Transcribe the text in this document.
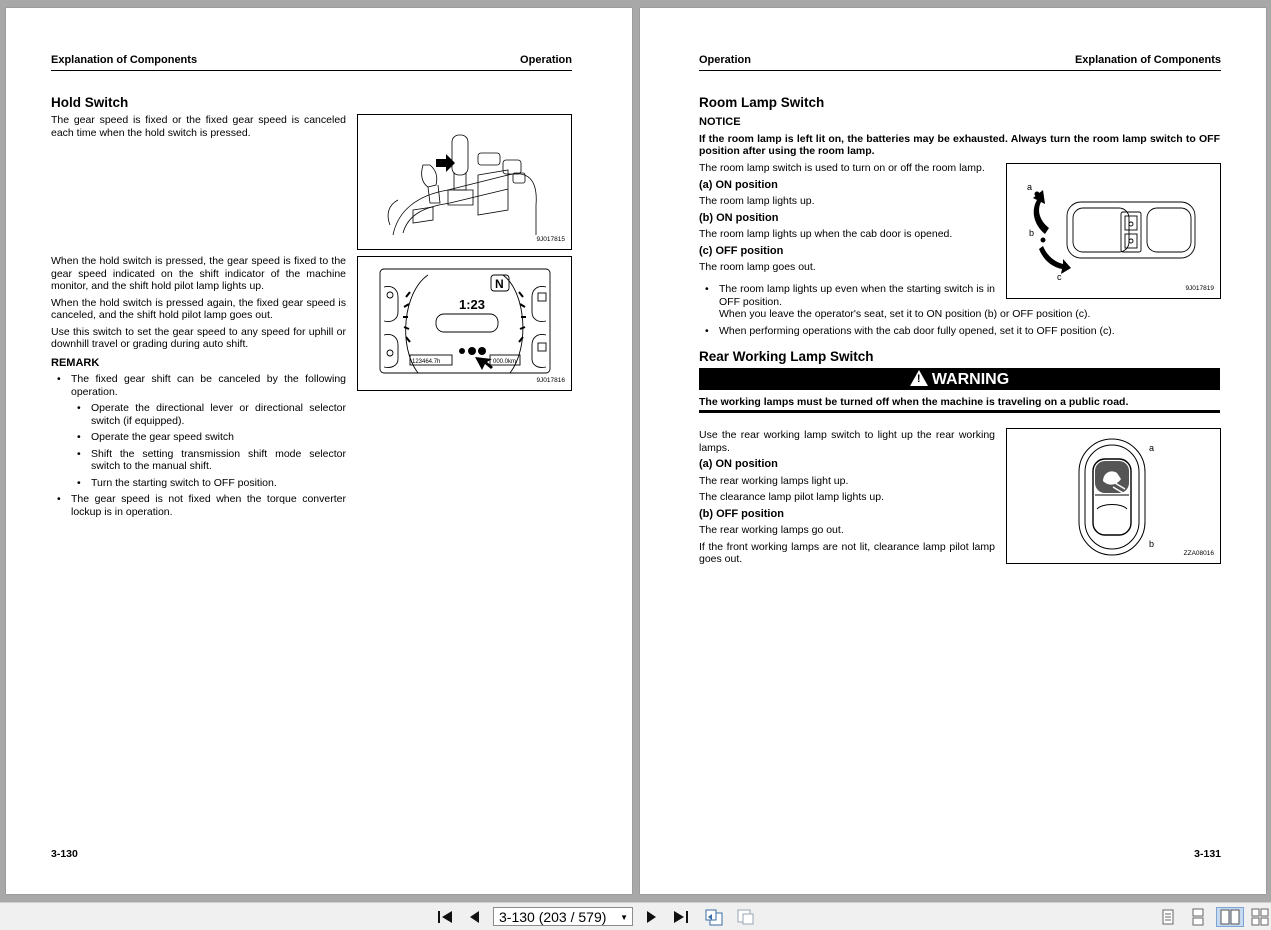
Explanation of Components	Operation
Hold Switch

The gear speed is fixed or the fixed gear speed is canceled each time when the hold switch is pressed.

9J017815
1:23
N
123464.7h	000.0km
9J017816

When the hold switch is pressed, the gear speed is fixed to the gear speed indicated on the shift indicator of the machine monitor, and the shift hold pilot lamp lights up.

When the hold switch is pressed again, the fixed gear speed is canceled, and the shift hold pilot lamp goes out.

Use this switch to set the gear speed to any speed for uphill or downhill travel or grading during auto shift.

REMARK

• The fixed gear shift can be canceled by the following operation.
• Operate the directional lever or directional selector switch (if equipped).
• Operate the gear speed switch
• Shift the setting transmission shift mode selector switch to the manual shift.
• Turn the starting switch to OFF position.
• The gear speed is not fixed when the torque converter lockup is in operation.
3-130
Operation	Explanation of Components
Room Lamp Switch

NOTICE

If the room lamp is left lit on, the batteries may be exhausted. Always turn the room lamp switch to OFF position after using the room lamp.

The room lamp switch is used to turn on or off the room lamp.

(a) ON position

The room lamp lights up.

(b) ON position

The room lamp lights up when the cab door is opened.

(c) OFF position

The room lamp goes out.

• The room lamp lights up even when the starting switch is in OFF position.

When you leave the operator's seat, set it to ON position (b) or OFF position (c).

• When performing operations with the cab door fully opened, set it to OFF position (c).
a
b
c
9J017819
Rear Working Lamp Switch
! WARNING

The working lamps must be turned off when the machine is traveling on a public road.

Use the rear working lamp switch to light up the rear working lamps.

(a) ON position

The rear working lamps light up.

The clearance lamp pilot lamp lights up.

(b) OFF position

The rear working lamps go out.

If the front working lamps are not lit, clearance lamp pilot lamp goes out.

a
b
ZZA08016
3-131
3-130 (203 / 579) ▼
